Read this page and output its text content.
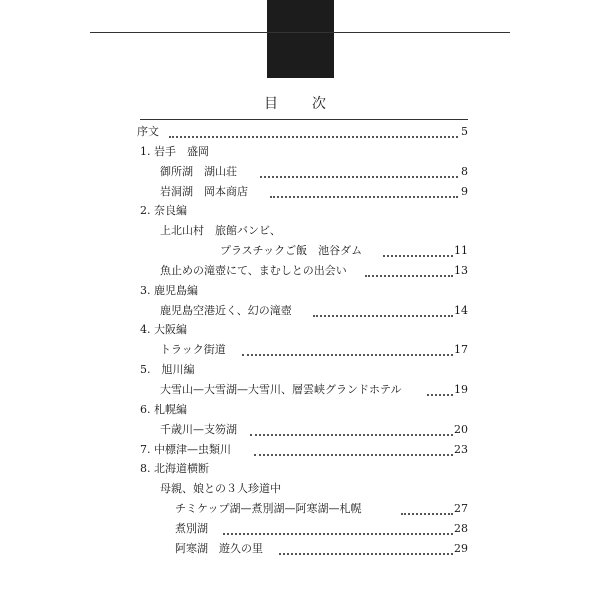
目　次
序文	5
1. 岩手　盛岡
御所湖　湖山荘	8
岩洞湖　岡本商店	9
2. 奈良編
上北山村　旅館バンビ、
プラスチックご飯　池谷ダム	11
魚止めの滝壺にて、まむしとの出会い	13
3. 鹿児島編
鹿児島空港近く、幻の滝壺	14
4. 大阪編
トラック街道	17
5.　旭川編
大雪山—大雪湖—大雪川、層雲峡グランドホテル	19
6. 札幌編
千歳川—支笏湖	20
7. 中標津—虫類川	23
8. 北海道横断
母親、娘との３人珍道中
チミケップ湖—煮別湖—阿寒湖—札幌	27
煮別湖	28
阿寒湖　遊久の里	29
